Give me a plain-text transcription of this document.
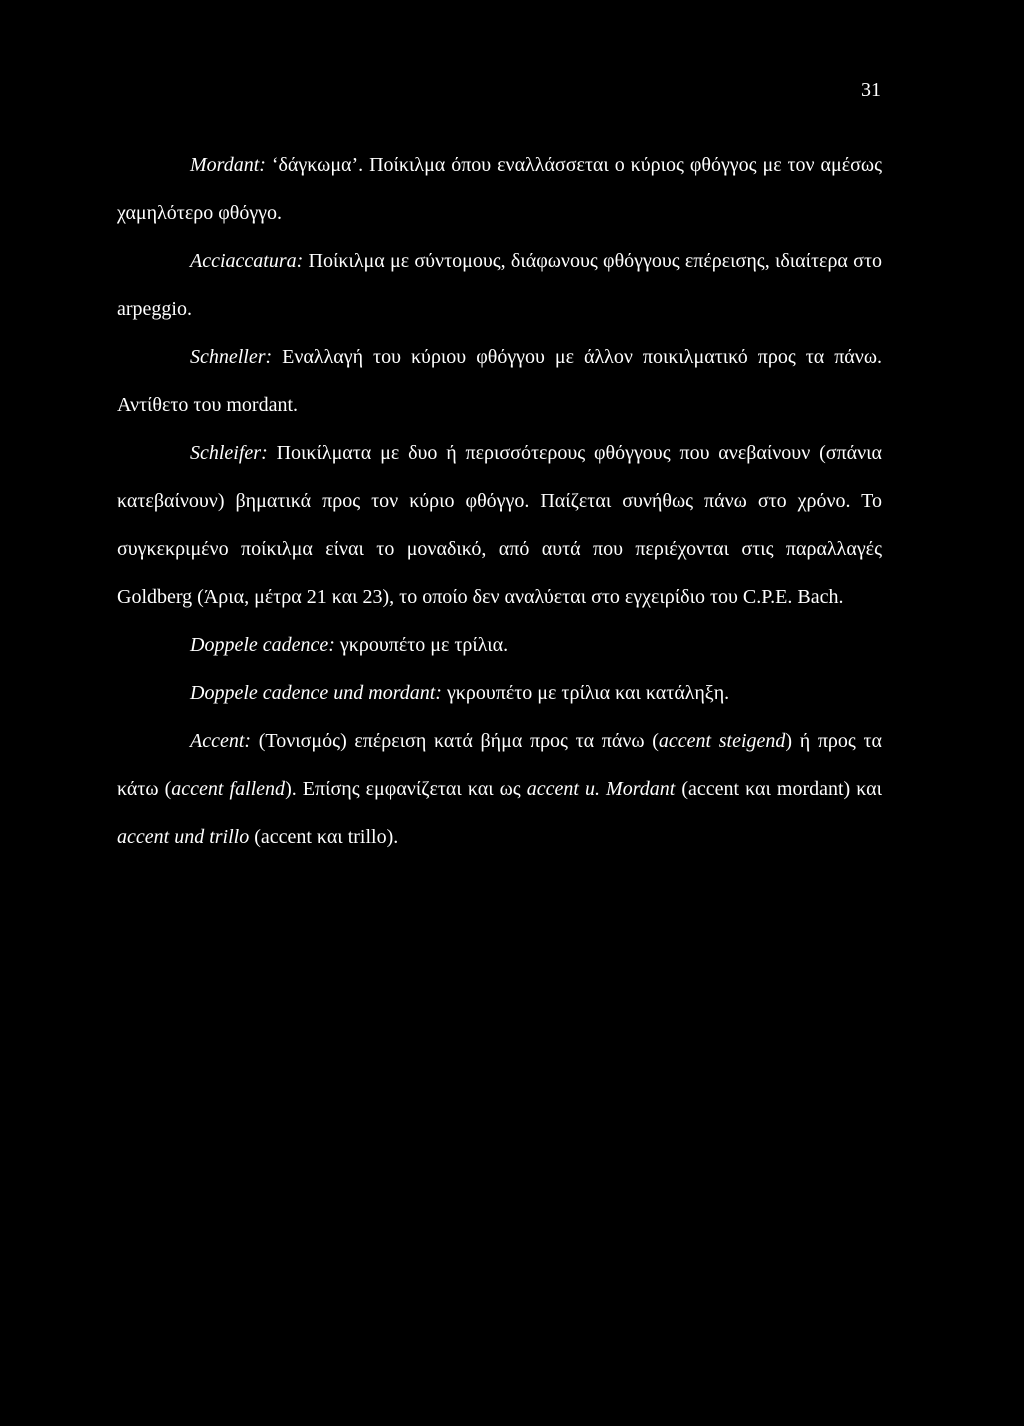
31

Mordant: ‘δάγκωμα’. Ποίκιλμα όπου εναλλάσσεται ο κύριος φθόγγος με τον αμέσως χαμηλότερο φθόγγο.

Acciaccatura: Ποίκιλμα με σύντομους, διάφωνους φθόγγους επέρεισης, ιδιαίτερα στο arpeggio.

Schneller: Εναλλαγή του κύριου φθόγγου με άλλον ποικιλματικό προς τα πάνω. Αντίθετο του mordant.

Schleifer: Ποικίλματα με δυο ή περισσότερους φθόγγους που ανεβαίνουν (σπάνια κατεβαίνουν) βηματικά προς τον κύριο φθόγγο. Παίζεται συνήθως πάνω στο χρόνο. Το συγκεκριμένο ποίκιλμα είναι το μοναδικό, από αυτά που περιέχονται στις παραλλαγές Goldberg (Άρια, μέτρα 21 και 23), το οποίο δεν αναλύεται στο εγχειρίδιο του C.P.E. Bach.

Doppele cadence: γκρουπέτο με τρίλια.

Doppele cadence und mordant: γκρουπέτο με τρίλια και κατάληξη.

Accent: (Τονισμός) επέρειση κατά βήμα προς τα πάνω (accent steigend) ή προς τα κάτω (accent fallend). Επίσης εμφανίζεται και ως accent u. Mordant (accent και mordant) και accent und trillo (accent και trillo).
